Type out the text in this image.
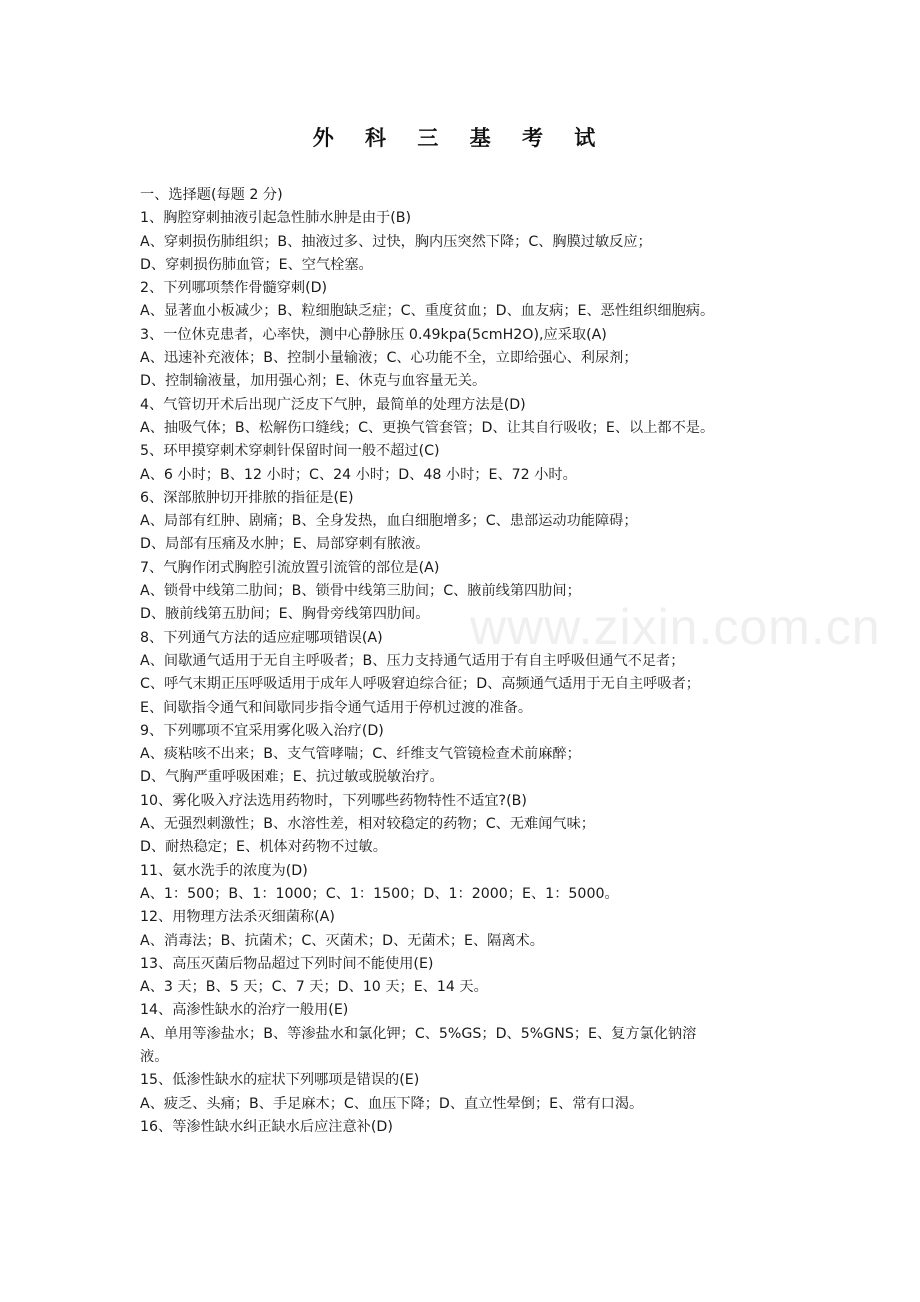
外 科 三 基 考 试
www.zixin.com.cn

一、选择题(每题 2 分)

1、胸腔穿刺抽液引起急性肺水肿是由于(B)

A、穿刺损伤肺组织；B、抽液过多、过快，胸内压突然下降；C、胸膜过敏反应；

D、穿刺损伤肺血管；E、空气栓塞。

2、下列哪项禁作骨髓穿刺(D)

A、显著血小板减少；B、粒细胞缺乏症；C、重度贫血；D、血友病；E、恶性组织细胞病。

3、一位休克患者，心率快，测中心静脉压 0.49kpa(5cmH2O),应采取(A)

A、迅速补充液体；B、控制小量输液；C、心功能不全，立即给强心、利尿剂；

D、控制输液量，加用强心剂；E、休克与血容量无关。

4、气管切开术后出现广泛皮下气肿，最简单的处理方法是(D)

A、抽吸气体；B、松解伤口缝线；C、更换气管套管；D、让其自行吸收；E、以上都不是。

5、环甲摸穿刺术穿刺针保留时间一般不超过(C)

A、6 小时；B、12 小时；C、24 小时；D、48 小时；E、72 小时。

6、深部脓肿切开排脓的指征是(E)

A、局部有红肿、剧痛；B、全身发热，血白细胞增多；C、患部运动功能障碍；

D、局部有压痛及水肿；E、局部穿刺有脓液。

7、气胸作闭式胸腔引流放置引流管的部位是(A)

A、锁骨中线第二肋间；B、锁骨中线第三肋间；C、腋前线第四肋间；

D、腋前线第五肋间；E、胸骨旁线第四肋间。

8、下列通气方法的适应症哪项错误(A)

A、间歇通气适用于无自主呼吸者；B、压力支持通气适用于有自主呼吸但通气不足者；

C、呼气末期正压呼吸适用于成年人呼吸窘迫综合征；D、高频通气适用于无自主呼吸者；

E、间歇指令通气和间歇同步指令通气适用于停机过渡的准备。

9、下列哪项不宜采用雾化吸入治疗(D)

A、痰粘咳不出来；B、支气管哮喘；C、纤维支气管镜检查术前麻醉；

D、气胸严重呼吸困难；E、抗过敏或脱敏治疗。

10、雾化吸入疗法选用药物时，下列哪些药物特性不适宜?(B)

A、无强烈刺激性；B、水溶性差，相对较稳定的药物；C、无难闻气味；

D、耐热稳定；E、机体对药物不过敏。

11、氨水洗手的浓度为(D)

A、1：500；B、1：1000；C、1：1500；D、1：2000；E、1：5000。

12、用物理方法杀灭细菌称(A)

A、消毒法；B、抗菌术；C、灭菌术；D、无菌术；E、隔离术。

13、高压灭菌后物品超过下列时间不能使用(E)

A、3 天；B、5 天；C、7 天；D、10 天；E、14 天。

14、高渗性缺水的治疗一般用(E)

A、单用等渗盐水；B、等渗盐水和氯化钾；C、5%GS；D、5%GNS；E、复方氯化钠溶

液。

15、低渗性缺水的症状下列哪项是错误的(E)

A、疲乏、头痛；B、手足麻木；C、血压下降；D、直立性晕倒；E、常有口渴。

16、等渗性缺水纠正缺水后应注意补(D)
